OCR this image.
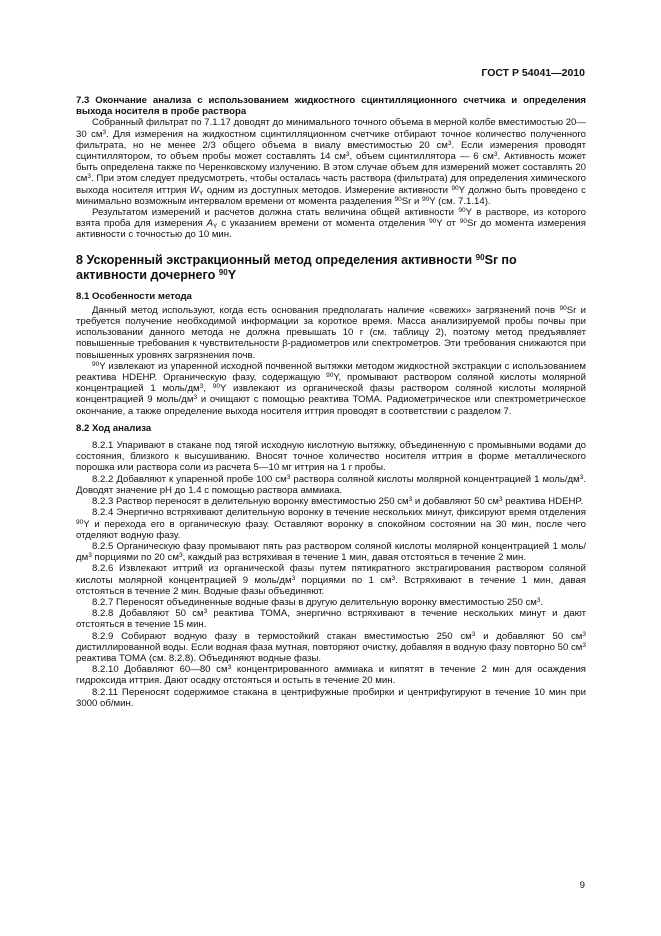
ГОСТ Р 54041—2010

7.3 Окончание анализа с использованием жидкостного сцинтилляционного счетчика и определения выхода носителя в пробе раствора

Собранный фильтрат по 7.1.17 доводят до минимального точного объема в мерной колбе вместимостью 20—30 $см^3$. Для измерения на жидкостном сцинтилляционном счетчике отбирают точное количество полученного фильтрата, но не менее 2/3 общего объема в виалу вместимостью 20 $см^3$. Если измерения проводят сцинтиллятором, то объем пробы может составлять 14 $см^3$, объем сцинтиллятора — 6 $см^3$. Активность может быть определена также по Черенковскому излучению. В этом случае объем для измерений может составлять 20 $см^3$. При этом следует предусмотреть, чтобы осталась часть раствора (фильтрата) для определения химического выхода носителя иттрия $W_Y$ одним из доступных методов. Измерение активности $^{90}$Y должно быть проведено с минимально возможным интервалом времени от момента разделения $^{90}$Sr и $^{90}$Y (см. 7.1.14).

Результатом измерений и расчетов должна стать величина общей активности $^{90}$Y в растворе, из которого взята проба для измерения $A_Y$ с указанием времени от момента отделения $^{90}$Y от $^{90}$Sr до момента измерения активности с точностью до 10 мин.

8 Ускоренный экстракционный метод определения активности $^{90}$Sr по активности дочернего $^{90}$Y

8.1 Особенности метода

Данный метод используют, когда есть основания предполагать наличие «свежих» загрязнений почв $^{90}$Sr и требуется получение необходимой информации за короткое время. Масса анализируемой пробы почвы при использовании данного метода не должна превышать 10 г (см. таблицу 2), поэтому метод предъявляет повышенные требования к чувствительности β-радиометров или спектрометров. Эти требования снижаются при повышенных уровнях загрязнения почв.

$^{90}$Y извлекают из упаренной исходной почвенной вытяжки методом жидкостной экстракции с использованием реактива HDEHP. Органическую фазу, содержащую $^{90}$Y, промывают раствором соляной кислоты молярной концентрацией 1 моль/$дм^3$, $^{90}$Y извлекают из органической фазы раствором соляной кислоты молярной концентрацией 9 моль/$дм^3$ и очищают с помощью реактива ТОМА. Радиометрическое или спектрометрическое окончание, а также определение выхода носителя иттрия проводят в соответствии с разделом 7.

8.2 Ход анализа

8.2.1 Упаривают в стакане под тягой исходную кислотную вытяжку, объединенную с промывными водами до состояния, близкого к высушиванию. Вносят точное количество носителя иттрия в форме металлического порошка или раствора соли из расчета 5—10 мг иттрия на 1 г пробы.

8.2.2 Добавляют к упаренной пробе 100 $см^3$ раствора соляной кислоты молярной концентрацией 1 моль/$дм^3$. Доводят значение pH до 1.4 с помощью раствора аммиака.

8.2.3 Раствор переносят в делительную воронку вместимостью 250 $см^3$ и добавляют 50 $см^3$ реактива HDEHP.

8.2.4 Энергично встряхивают делительную воронку в течение нескольких минут, фиксируют время отделения $^{90}$Y и перехода его в органическую фазу. Оставляют воронку в спокойном состоянии на 30 мин, после чего отделяют водную фазу.

8.2.5 Органическую фазу промывают пять раз раствором соляной кислоты молярной концентрацией 1 моль/$дм^3$ порциями по 20 $см^3$, каждый раз встряхивая в течение 1 мин, давая отстояться в течение 2 мин.

8.2.6 Извлекают иттрий из органической фазы путем пятикратного экстрагирования раствором соляной кислоты молярной концентрацией 9 моль/$дм^3$ порциями по 1 $см^3$. Встряхивают в течение 1 мин, давая отстояться в течение 2 мин. Водные фазы объединяют.

8.2.7 Переносят объединенные водные фазы в другую делительную воронку вместимостью 250 $см^3$.

8.2.8 Добавляют 50 $см^3$ реактива ТОМА, энергично встряхивают в течение нескольких минут и дают отстояться в течение 15 мин.

8.2.9 Собирают водную фазу в термостойкий стакан вместимостью 250 $см^3$ и добавляют 50 $см^3$ дистиллированной воды. Если водная фаза мутная, повторяют очистку, добавляя в водную фазу повторно 50 $см^3$ реактива ТОМА (см. 8.2.8). Объединяют водные фазы.

8.2.10 Добавляют 60—80 $см^3$ концентрированного аммиака и кипятят в течение 2 мин для осаждения гидроксида иттрия. Дают осадку отстояться и остыть в течение 20 мин.

8.2.11 Переносят содержимое стакана в центрифужные пробирки и центрифугируют в течение 10 мин при 3000 об/мин.

9
